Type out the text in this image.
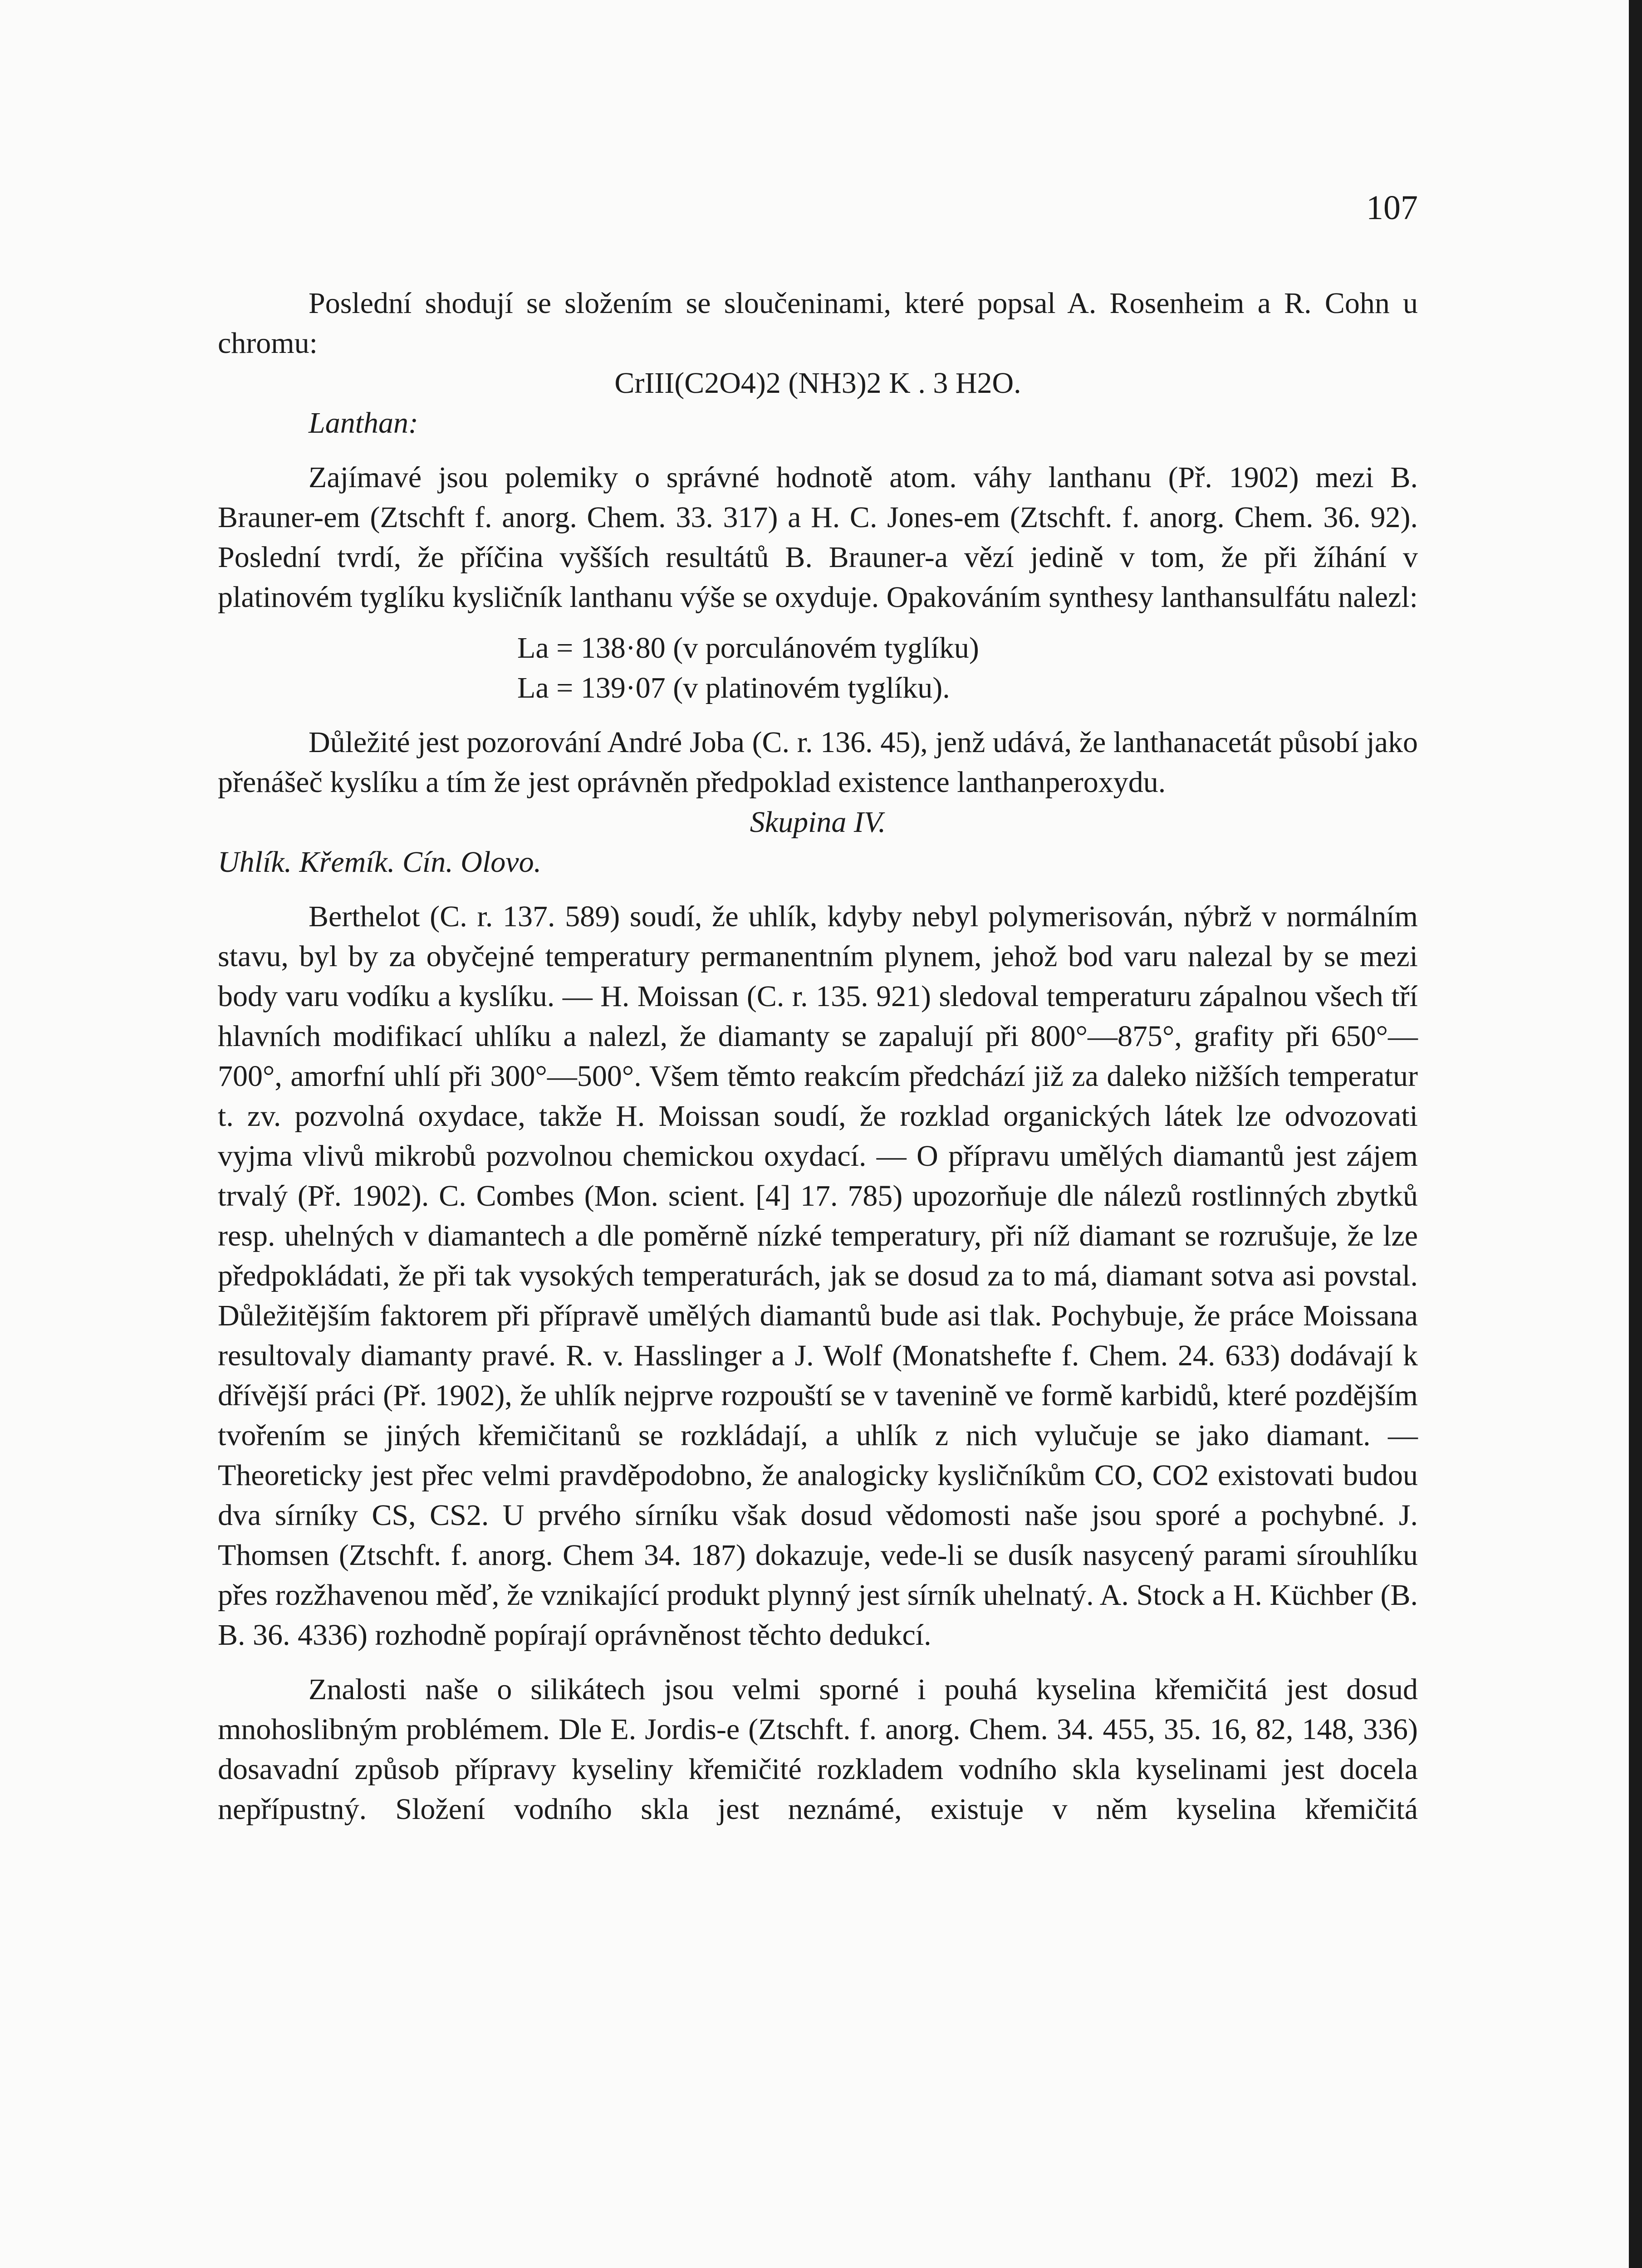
107

Poslední shodují se složením se sloučeninami, které popsal A. Rosenheim a R. Cohn u chromu:

CrIII(C2O4)2 (NH3)2 K . 3 H2O.

Lanthan:

Zajímavé jsou polemiky o správné hodnotě atom. váhy lanthanu (Př. 1902) mezi B. Brauner-em (Ztschft f. anorg. Chem. 33. 317) a H. C. Jones-em (Ztschft. f. anorg. Chem. 36. 92). Poslední tvrdí, že příčina vyšších resultátů B. Brauner-a vězí jedině v tom, že při žíhání v platinovém tyglíku kysličník lanthanu výše se oxyduje. Opakováním synthesy lanthansulfátu nalezl:

La = 138·80 (v porculánovém tyglíku)

La = 139·07 (v platinovém tyglíku).

Důležité jest pozorování André Joba (C. r. 136. 45), jenž udává, že lanthanacetát působí jako přenášeč kyslíku a tím že jest oprávněn předpoklad existence lanthanperoxydu.

Skupina IV.

Uhlík. Křemík. Cín. Olovo.

Berthelot (C. r. 137. 589) soudí, že uhlík, kdyby nebyl polymerisován, nýbrž v normálním stavu, byl by za obyčejné temperatury permanentním plynem, jehož bod varu nalezal by se mezi body varu vodíku a kyslíku. — H. Moissan (C. r. 135. 921) sledoval temperaturu zápalnou všech tří hlavních modifikací uhlíku a nalezl, že diamanty se zapalují při 800°—875°, grafity při 650°—700°, amorfní uhlí při 300°—500°. Všem těmto reakcím předchází již za daleko nižších temperatur t. zv. pozvolná oxydace, takže H. Moissan soudí, že rozklad organických látek lze odvozovati vyjma vlivů mikrobů pozvolnou chemickou oxydací. — O přípravu umělých diamantů jest zájem trvalý (Př. 1902). C. Combes (Mon. scient. [4] 17. 785) upozorňuje dle nálezů rostlinných zbytků resp. uhelných v diamantech a dle poměrně nízké temperatury, při níž diamant se rozrušuje, že lze předpokládati, že při tak vysokých temperaturách, jak se dosud za to má, diamant sotva asi povstal. Důležitějším faktorem při přípravě umělých diamantů bude asi tlak. Pochybuje, že práce Moissana resultovaly diamanty pravé. R. v. Hasslinger a J. Wolf (Monatshefte f. Chem. 24. 633) dodávají k dřívější práci (Př. 1902), že uhlík nejprve rozpouští se v tavenině ve formě karbidů, které pozdějším tvořením se jiných křemičitanů se rozkládají, a uhlík z nich vylučuje se jako diamant. — Theoreticky jest přec velmi pravděpodobno, že analogicky kysličníkům CO, CO2 existovati budou dva sírníky CS, CS2. U prvého sírníku však dosud vědomosti naše jsou sporé a pochybné. J. Thomsen (Ztschft. f. anorg. Chem 34. 187) dokazuje, vede-li se dusík nasycený parami sírouhlíku přes rozžhavenou měď, že vznikající produkt plynný jest sírník uhelnatý. A. Stock a H. Küchber (B. B. 36. 4336) rozhodně popírají oprávněnost těchto dedukcí.

Znalosti naše o silikátech jsou velmi sporné i pouhá kyselina křemičitá jest dosud mnohoslibným problémem. Dle E. Jordis-e (Ztschft. f. anorg. Chem. 34. 455, 35. 16, 82, 148, 336) dosavadní způsob přípravy kyseliny křemičité rozkladem vodního skla kyselinami jest docela nepřípustný. Složení vodního skla jest neznámé, existuje v něm kyselina křemičitá
